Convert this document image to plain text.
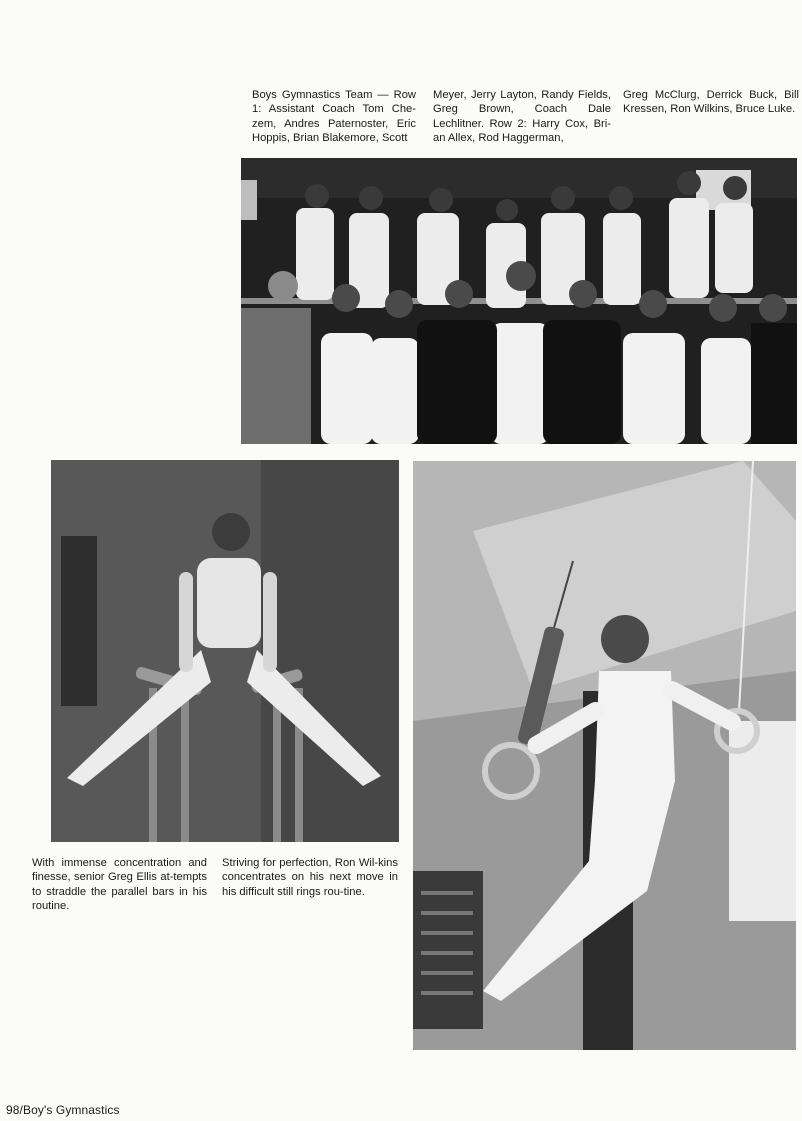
Boys Gymnastics Team — Row 1: Assistant Coach Tom Che-zem, Andres Paternoster, Eric Hoppis, Brian Blakemore, Scott

Meyer, Jerry Layton, Randy Fields, Greg Brown, Coach Dale Lechlitner. Row 2: Harry Cox, Bri-an Allex, Rod Haggerman,

Greg McClurg, Derrick Buck, Bill Kressen, Ron Wilkins, Bruce Luke.

With immense concentration and finesse, senior Greg Ellis at-tempts to straddle the parallel bars in his routine.

Striving for perfection, Ron Wil-kins concentrates on his next move in his difficult still rings rou-tine.

98/Boy's Gymnastics
